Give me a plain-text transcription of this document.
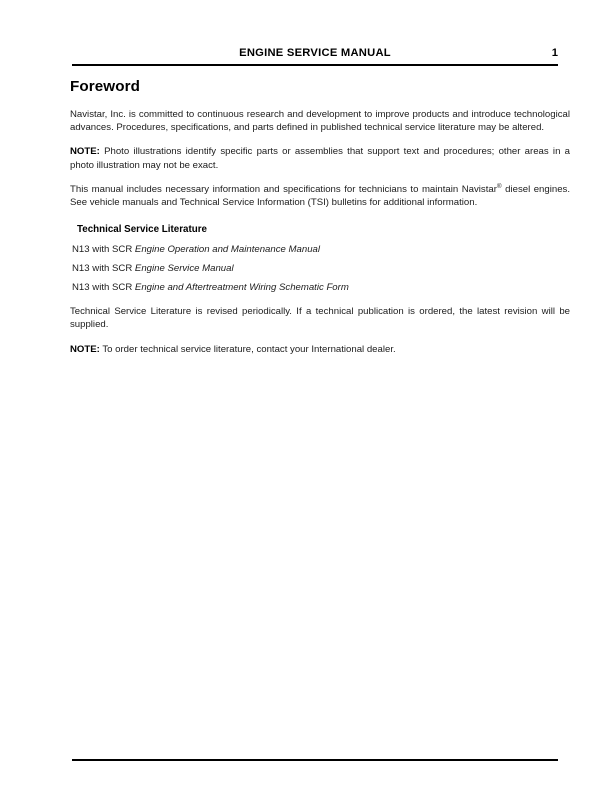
ENGINE SERVICE MANUAL	1
Foreword

Navistar, Inc. is committed to continuous research and development to improve products and introduce technological advances. Procedures, specifications, and parts defined in published technical service literature may be altered.

NOTE: Photo illustrations identify specific parts or assemblies that support text and procedures; other areas in a photo illustration may not be exact.

This manual includes necessary information and specifications for technicians to maintain Navistar® diesel engines. See vehicle manuals and Technical Service Information (TSI) bulletins for additional information.

Technical Service Literature
N13 with SCR Engine Operation and Maintenance Manual
N13 with SCR Engine Service Manual
N13 with SCR Engine and Aftertreatment Wiring Schematic Form

Technical Service Literature is revised periodically. If a technical publication is ordered, the latest revision will be supplied.

NOTE: To order technical service literature, contact your International dealer.
